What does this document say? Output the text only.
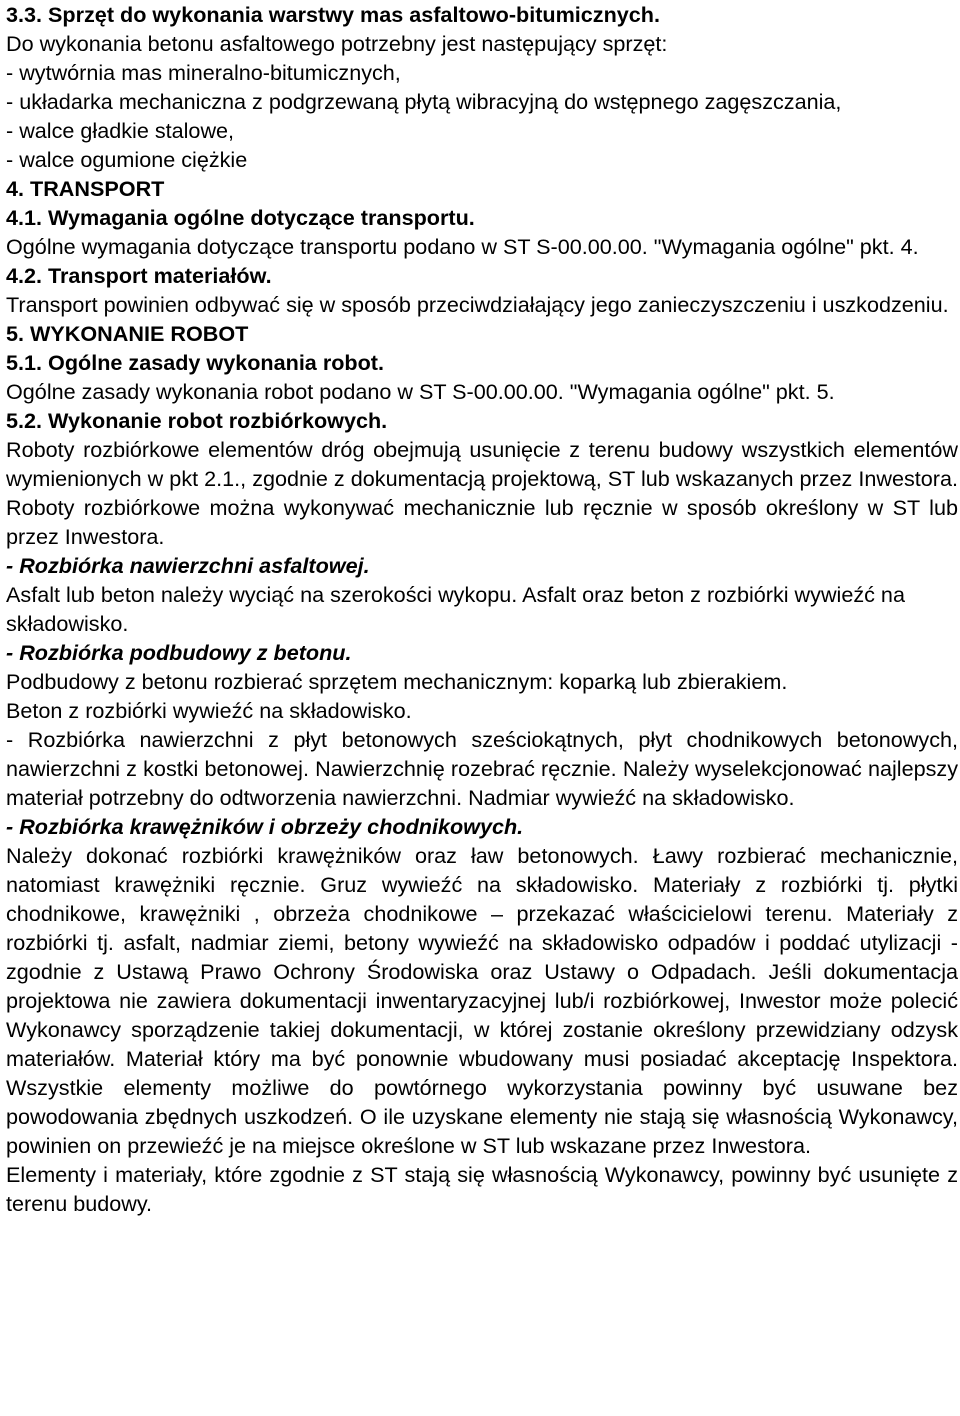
3.3. Sprzęt do wykonania warstwy mas asfaltowo-bitumicznych.
Do wykonania betonu asfaltowego potrzebny jest następujący sprzęt:
- wytwórnia mas mineralno-bitumicznych,
- układarka mechaniczna z podgrzewaną płytą wibracyjną do wstępnego zagęszczania,
- walce gładkie stalowe,
- walce ogumione ciężkie
4. TRANSPORT
4.1. Wymagania ogólne dotyczące transportu.
Ogólne wymagania dotyczące transportu podano w ST S-00.00.00. "Wymagania ogólne" pkt. 4.
4.2. Transport materiałów.
Transport powinien odbywać się w sposób przeciwdziałający jego zanieczyszczeniu i uszkodzeniu.
5. WYKONANIE ROBOT
5.1. Ogólne zasady wykonania robot.
Ogólne zasady wykonania robot podano w ST S-00.00.00. "Wymagania ogólne" pkt. 5.
5.2. Wykonanie robot rozbiórkowych.
Roboty rozbiórkowe elementów dróg obejmują usunięcie z terenu budowy wszystkich elementów wymienionych w pkt 2.1., zgodnie z dokumentacją projektową, ST lub wskazanych przez Inwestora. Roboty rozbiórkowe można wykonywać mechanicznie lub ręcznie w sposób określony w ST lub przez Inwestora.
- Rozbiórka nawierzchni asfaltowej.
Asfalt lub beton należy wyciąć na szerokości wykopu. Asfalt oraz beton z rozbiórki wywieźć na składowisko.
- Rozbiórka podbudowy z betonu.
Podbudowy z betonu rozbierać sprzętem mechanicznym: koparką lub zbierakiem.
Beton z rozbiórki wywieźć na składowisko.
- Rozbiórka nawierzchni z płyt betonowych sześciokątnych, płyt chodnikowych betonowych, nawierzchni z kostki betonowej. Nawierzchnię rozebrać ręcznie. Należy wyselekcjonować najlepszy materiał potrzebny do odtworzenia nawierzchni. Nadmiar wywieźć na składowisko.
- Rozbiórka krawężników i obrzeży chodnikowych.
Należy dokonać rozbiórki krawężników oraz ław betonowych. Ławy rozbierać mechanicznie, natomiast krawężniki ręcznie. Gruz wywieźć na składowisko. Materiały z rozbiórki tj. płytki chodnikowe, krawężniki , obrzeża chodnikowe – przekazać właścicielowi terenu. Materiały z rozbiórki tj. asfalt, nadmiar ziemi, betony wywieźć na składowisko odpadów i poddać utylizacji - zgodnie z Ustawą Prawo Ochrony Środowiska oraz Ustawy o Odpadach. Jeśli dokumentacja projektowa nie zawiera dokumentacji inwentaryzacyjnej lub/i rozbiórkowej, Inwestor może polecić Wykonawcy sporządzenie takiej dokumentacji, w której zostanie określony przewidziany odzysk materiałów. Materiał który ma być ponownie wbudowany musi posiadać akceptację Inspektora. Wszystkie elementy możliwe do powtórnego wykorzystania powinny być usuwane bez powodowania zbędnych uszkodzeń. O ile uzyskane elementy nie stają się własnością Wykonawcy, powinien on przewieźć je na miejsce określone w ST lub wskazane przez Inwestora.
Elementy i materiały, które zgodnie z ST stają się własnością Wykonawcy, powinny być usunięte z terenu budowy.
